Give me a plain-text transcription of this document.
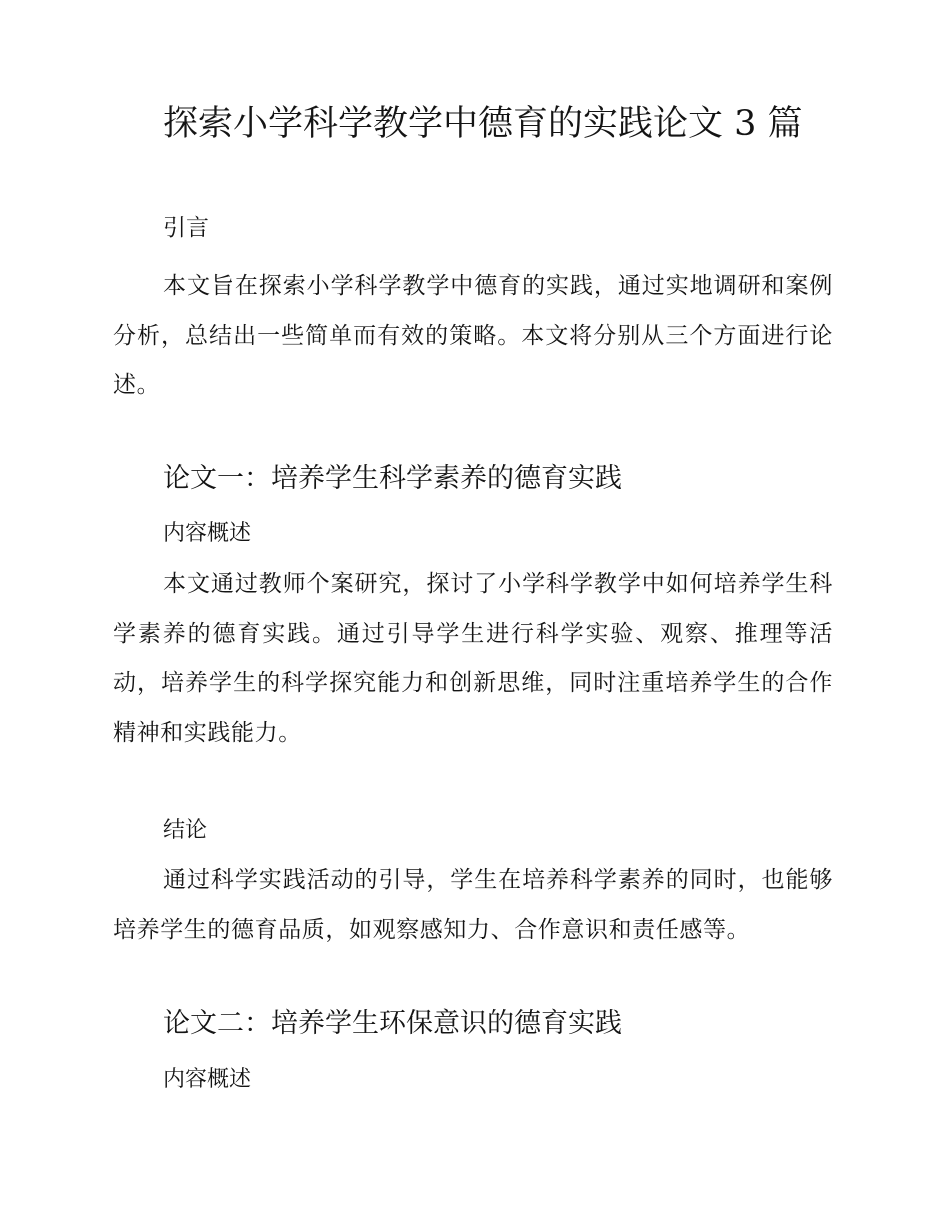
探索小学科学教学中德育的实践论文 3 篇
引言

本文旨在探索小学科学教学中德育的实践，通过实地调研和案例分析，总结出一些简单而有效的策略。本文将分别从三个方面进行论述。

论文一：培养学生科学素养的德育实践
内容概述

本文通过教师个案研究，探讨了小学科学教学中如何培养学生科学素养的德育实践。通过引导学生进行科学实验、观察、推理等活动，培养学生的科学探究能力和创新思维，同时注重培养学生的合作精神和实践能力。

结论

通过科学实践活动的引导，学生在培养科学素养的同时，也能够培养学生的德育品质，如观察感知力、合作意识和责任感等。

论文二：培养学生环保意识的德育实践
内容概述
